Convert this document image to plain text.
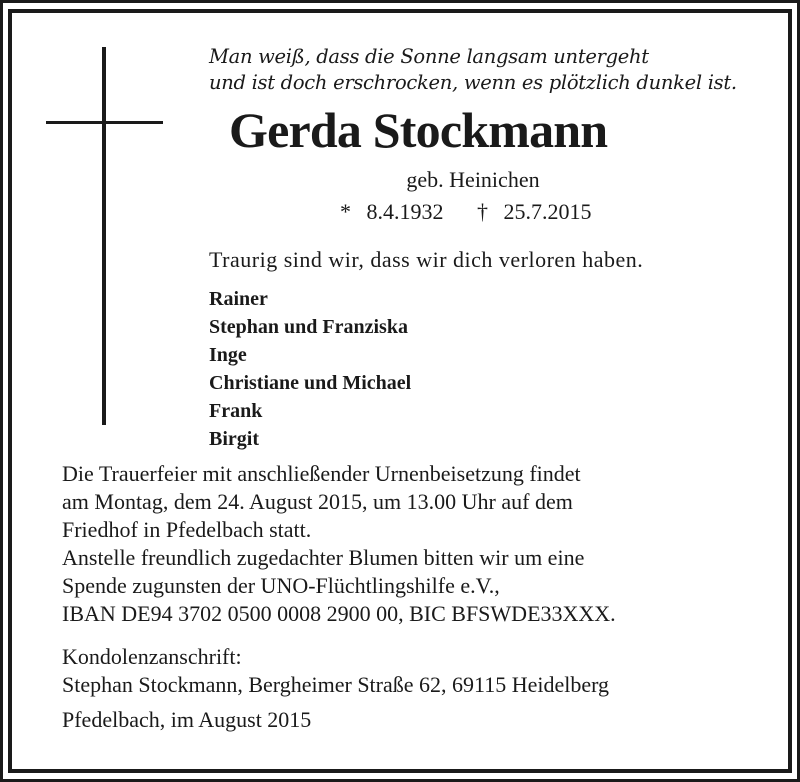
Man weiß, dass die Sonne langsam untergeht
und ist doch erschrocken, wenn es plötzlich dunkel ist.
Gerda Stockmann
geb. Heinichen
* 8.4.1932 † 25.7.2015
Traurig sind wir, dass wir dich verloren haben.
Rainer
Stephan und Franziska
Inge
Christiane und Michael
Frank
Birgit
Die Trauerfeier mit anschließender Urnenbeisetzung findet
am Montag, dem 24. August 2015, um 13.00 Uhr auf dem
Friedhof in Pfedelbach statt.
Anstelle freundlich zugedachter Blumen bitten wir um eine
Spende zugunsten der UNO-Flüchtlingshilfe e.V.,
IBAN DE94 3702 0500 0008 2900 00, BIC BFSWDE33XXX.
Kondolenzanschrift:
Stephan Stockmann, Bergheimer Straße 62, 69115 Heidelberg
Pfedelbach, im August 2015
